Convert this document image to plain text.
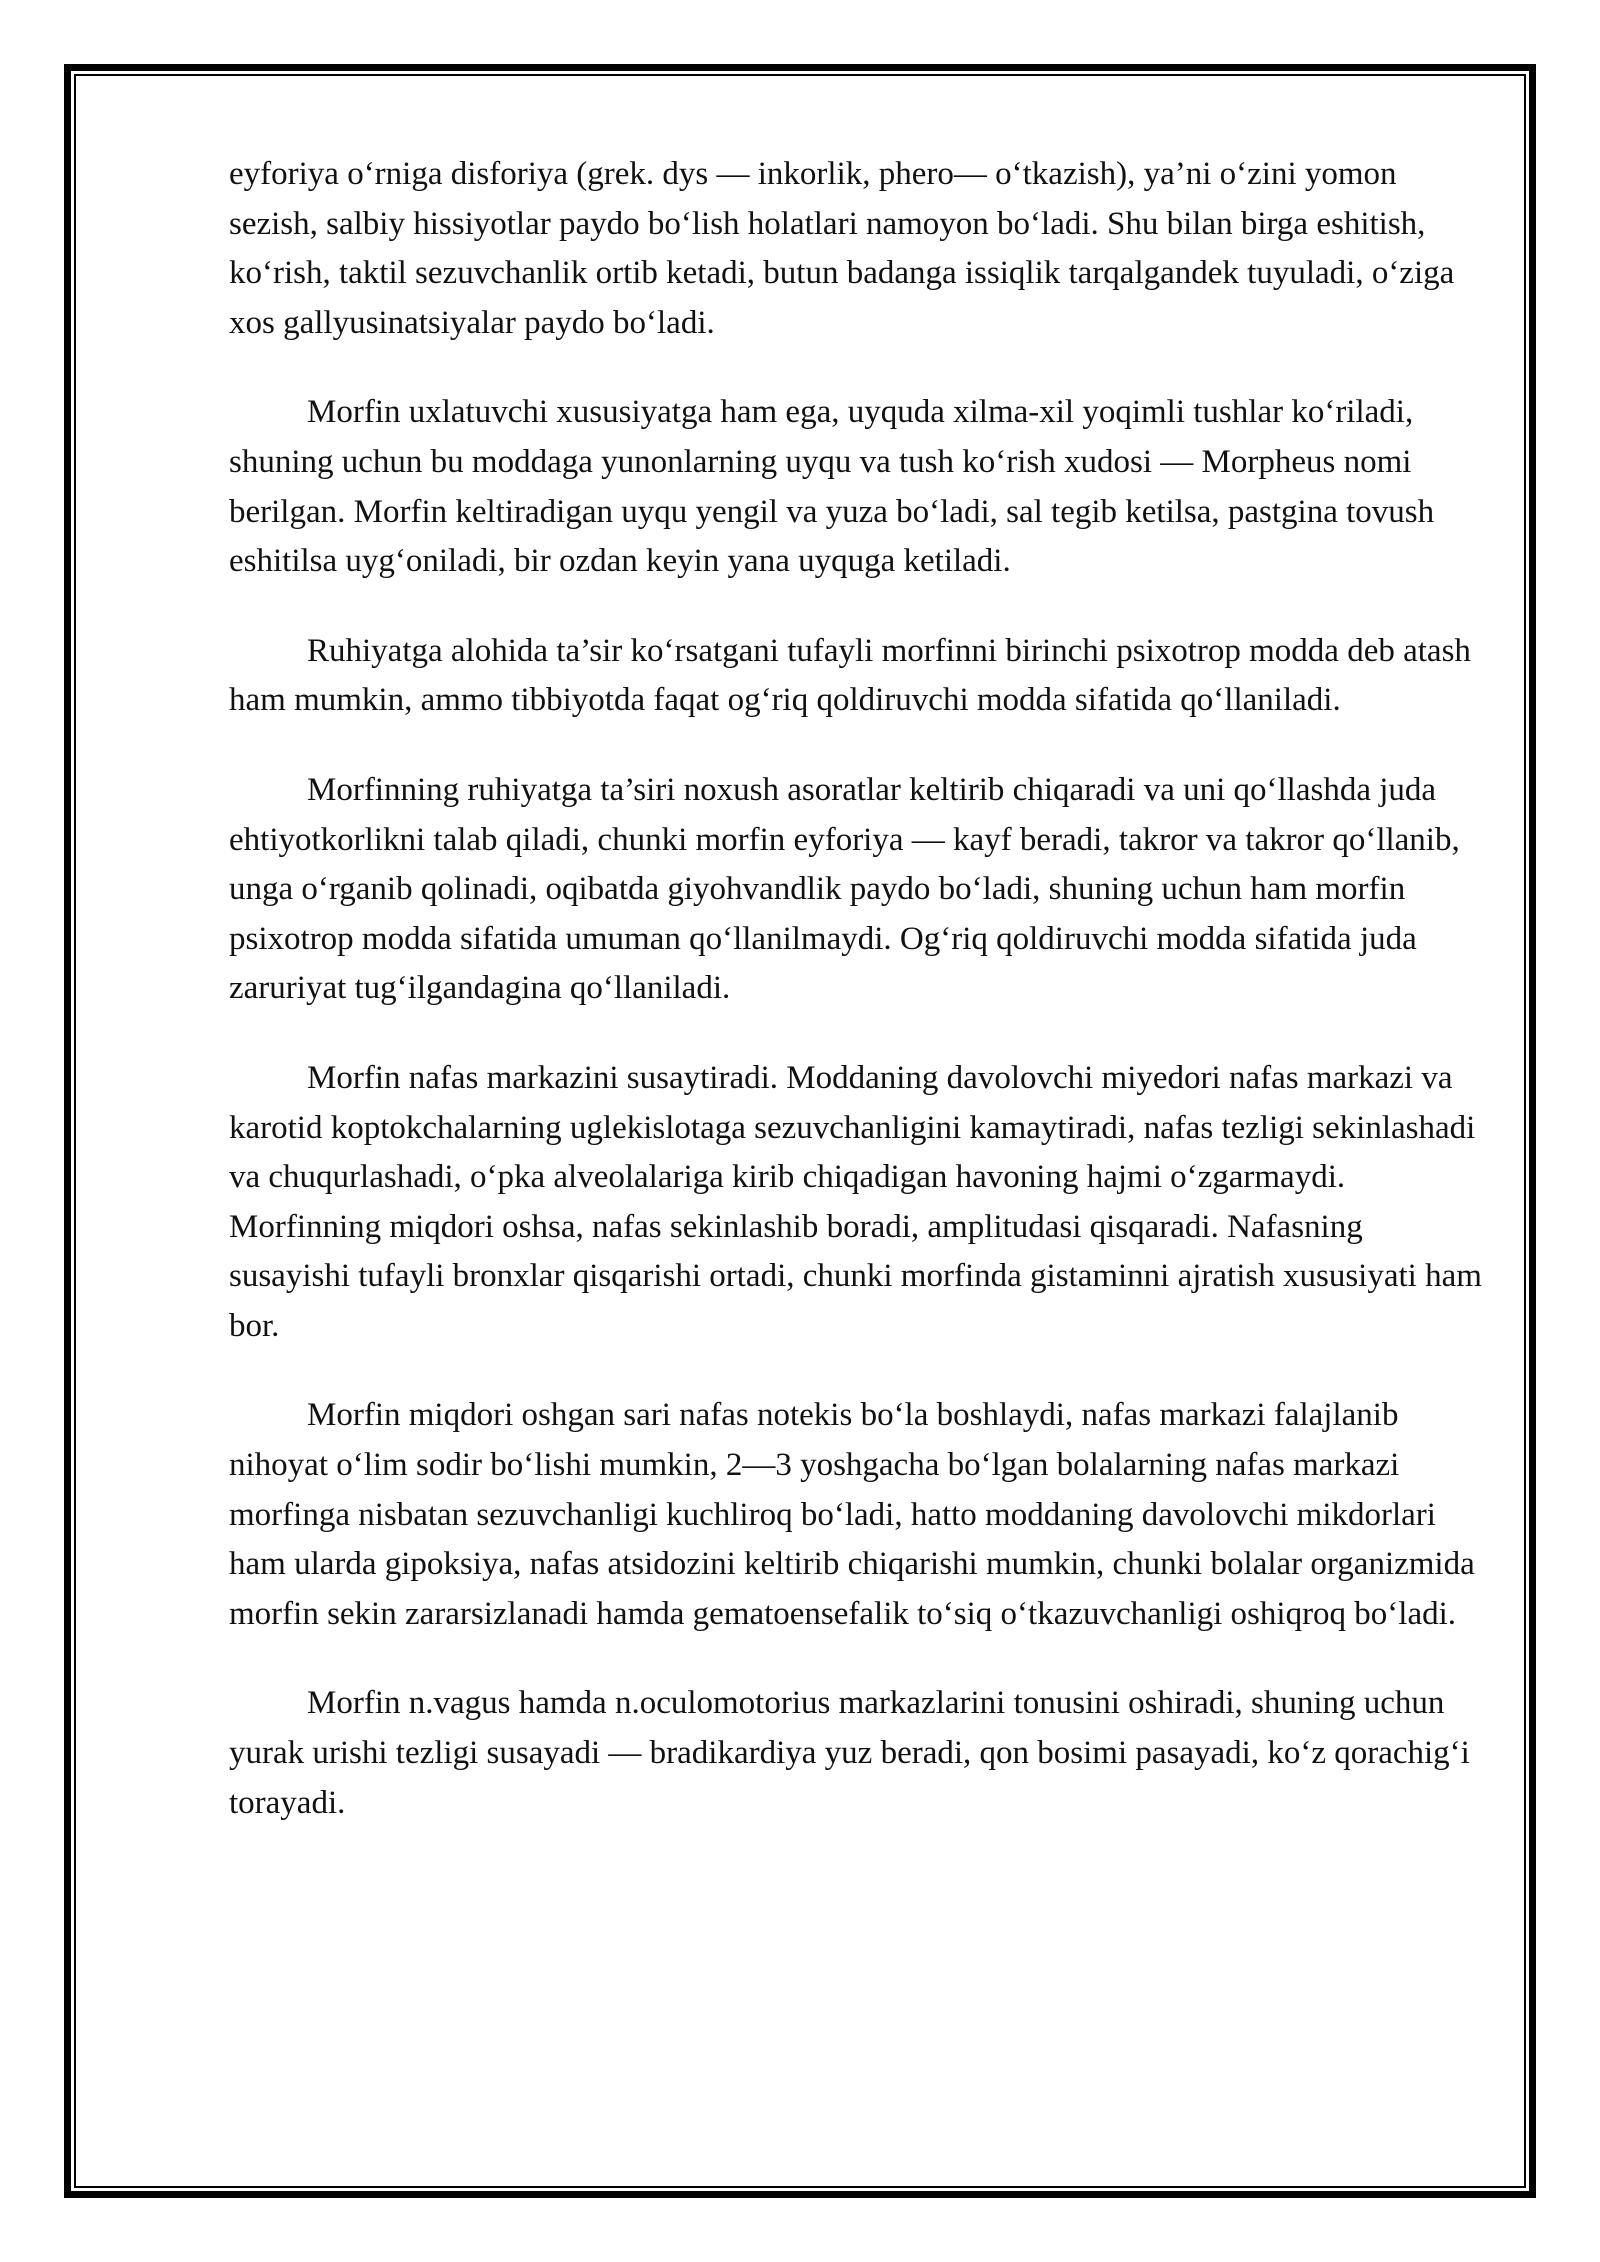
eyforiya o‘rniga disforiya (grek. dys — inkorlik, phero— o‘tkazish), ya’ni o‘zini yomon sezish, salbiy hissiyotlar paydo bo‘lish holatlari namoyon bo‘ladi. Shu bilan birga eshitish, ko‘rish, taktil sezuvchanlik ortib ketadi, butun badanga issiqlik tarqalgandek tuyuladi, o‘ziga xos gallyusinatsiyalar paydo bo‘ladi.

Morfin uxlatuvchi xususiyatga ham ega, uyquda xilma-xil yoqimli tushlar ko‘riladi, shuning uchun bu moddaga yunonlarning uyqu va tush ko‘rish xudosi — Morpheus nomi berilgan. Morfin keltiradigan uyqu yengil va yuza bo‘ladi, sal tegib ketilsa, pastgina tovush eshitilsa uyg‘oniladi, bir ozdan keyin yana uyquga ketiladi.

Ruhiyatga alohida ta’sir ko‘rsatgani tufayli morfinni birinchi psixotrop modda deb atash ham mumkin, ammo tibbiyotda faqat og‘riq qoldiruvchi modda sifatida qo‘llaniladi.

Morfinning ruhiyatga ta’siri noxush asoratlar keltirib chiqaradi va uni qo‘llashda juda ehtiyotkorlikni talab qiladi, chunki morfin eyforiya — kayf beradi, takror va takror qo‘llanib, unga o‘rganib qolinadi, oqibatda giyohvandlik paydo bo‘ladi, shuning uchun ham morfin psixotrop modda sifatida umuman qo‘llanilmaydi. Og‘riq qoldiruvchi modda sifatida juda zaruriyat tug‘ilgandagina qo‘llaniladi.

Morfin nafas markazini susaytiradi. Moddaning davolovchi miyedori nafas markazi va karotid koptokchalarning uglekislotaga sezuvchanligini kamaytiradi, nafas tezligi sekinlashadi va chuqurlashadi, o‘pka alveolalariga kirib chiqadigan havoning hajmi o‘zgarmaydi. Morfinning miqdori oshsa, nafas sekinlashib boradi, amplitudasi qisqaradi. Nafasning susayishi tufayli bronxlar qisqarishi ortadi, chunki morfinda gistaminni ajratish xususiyati ham bor.

Morfin miqdori oshgan sari nafas notekis bo‘la boshlaydi, nafas markazi falajlanib nihoyat o‘lim sodir bo‘lishi mumkin, 2—3 yoshgacha bo‘lgan bolalarning nafas markazi morfinga nisbatan sezuvchanligi kuchliroq bo‘ladi, hatto moddaning davolovchi mikdorlari ham ularda gipoksiya, nafas atsidozini keltirib chiqarishi mumkin, chunki bolalar organizmida morfin sekin zararsizlanadi hamda gematoensefalik to‘siq o‘tkazuvchanligi oshiqroq bo‘ladi.

Morfin n.vagus hamda n.oculomotorius markazlarini tonusini oshiradi, shuning uchun yurak urishi tezligi susayadi — bradikardiya yuz beradi, qon bosimi pasayadi, ko‘z qorachig‘i torayadi.
